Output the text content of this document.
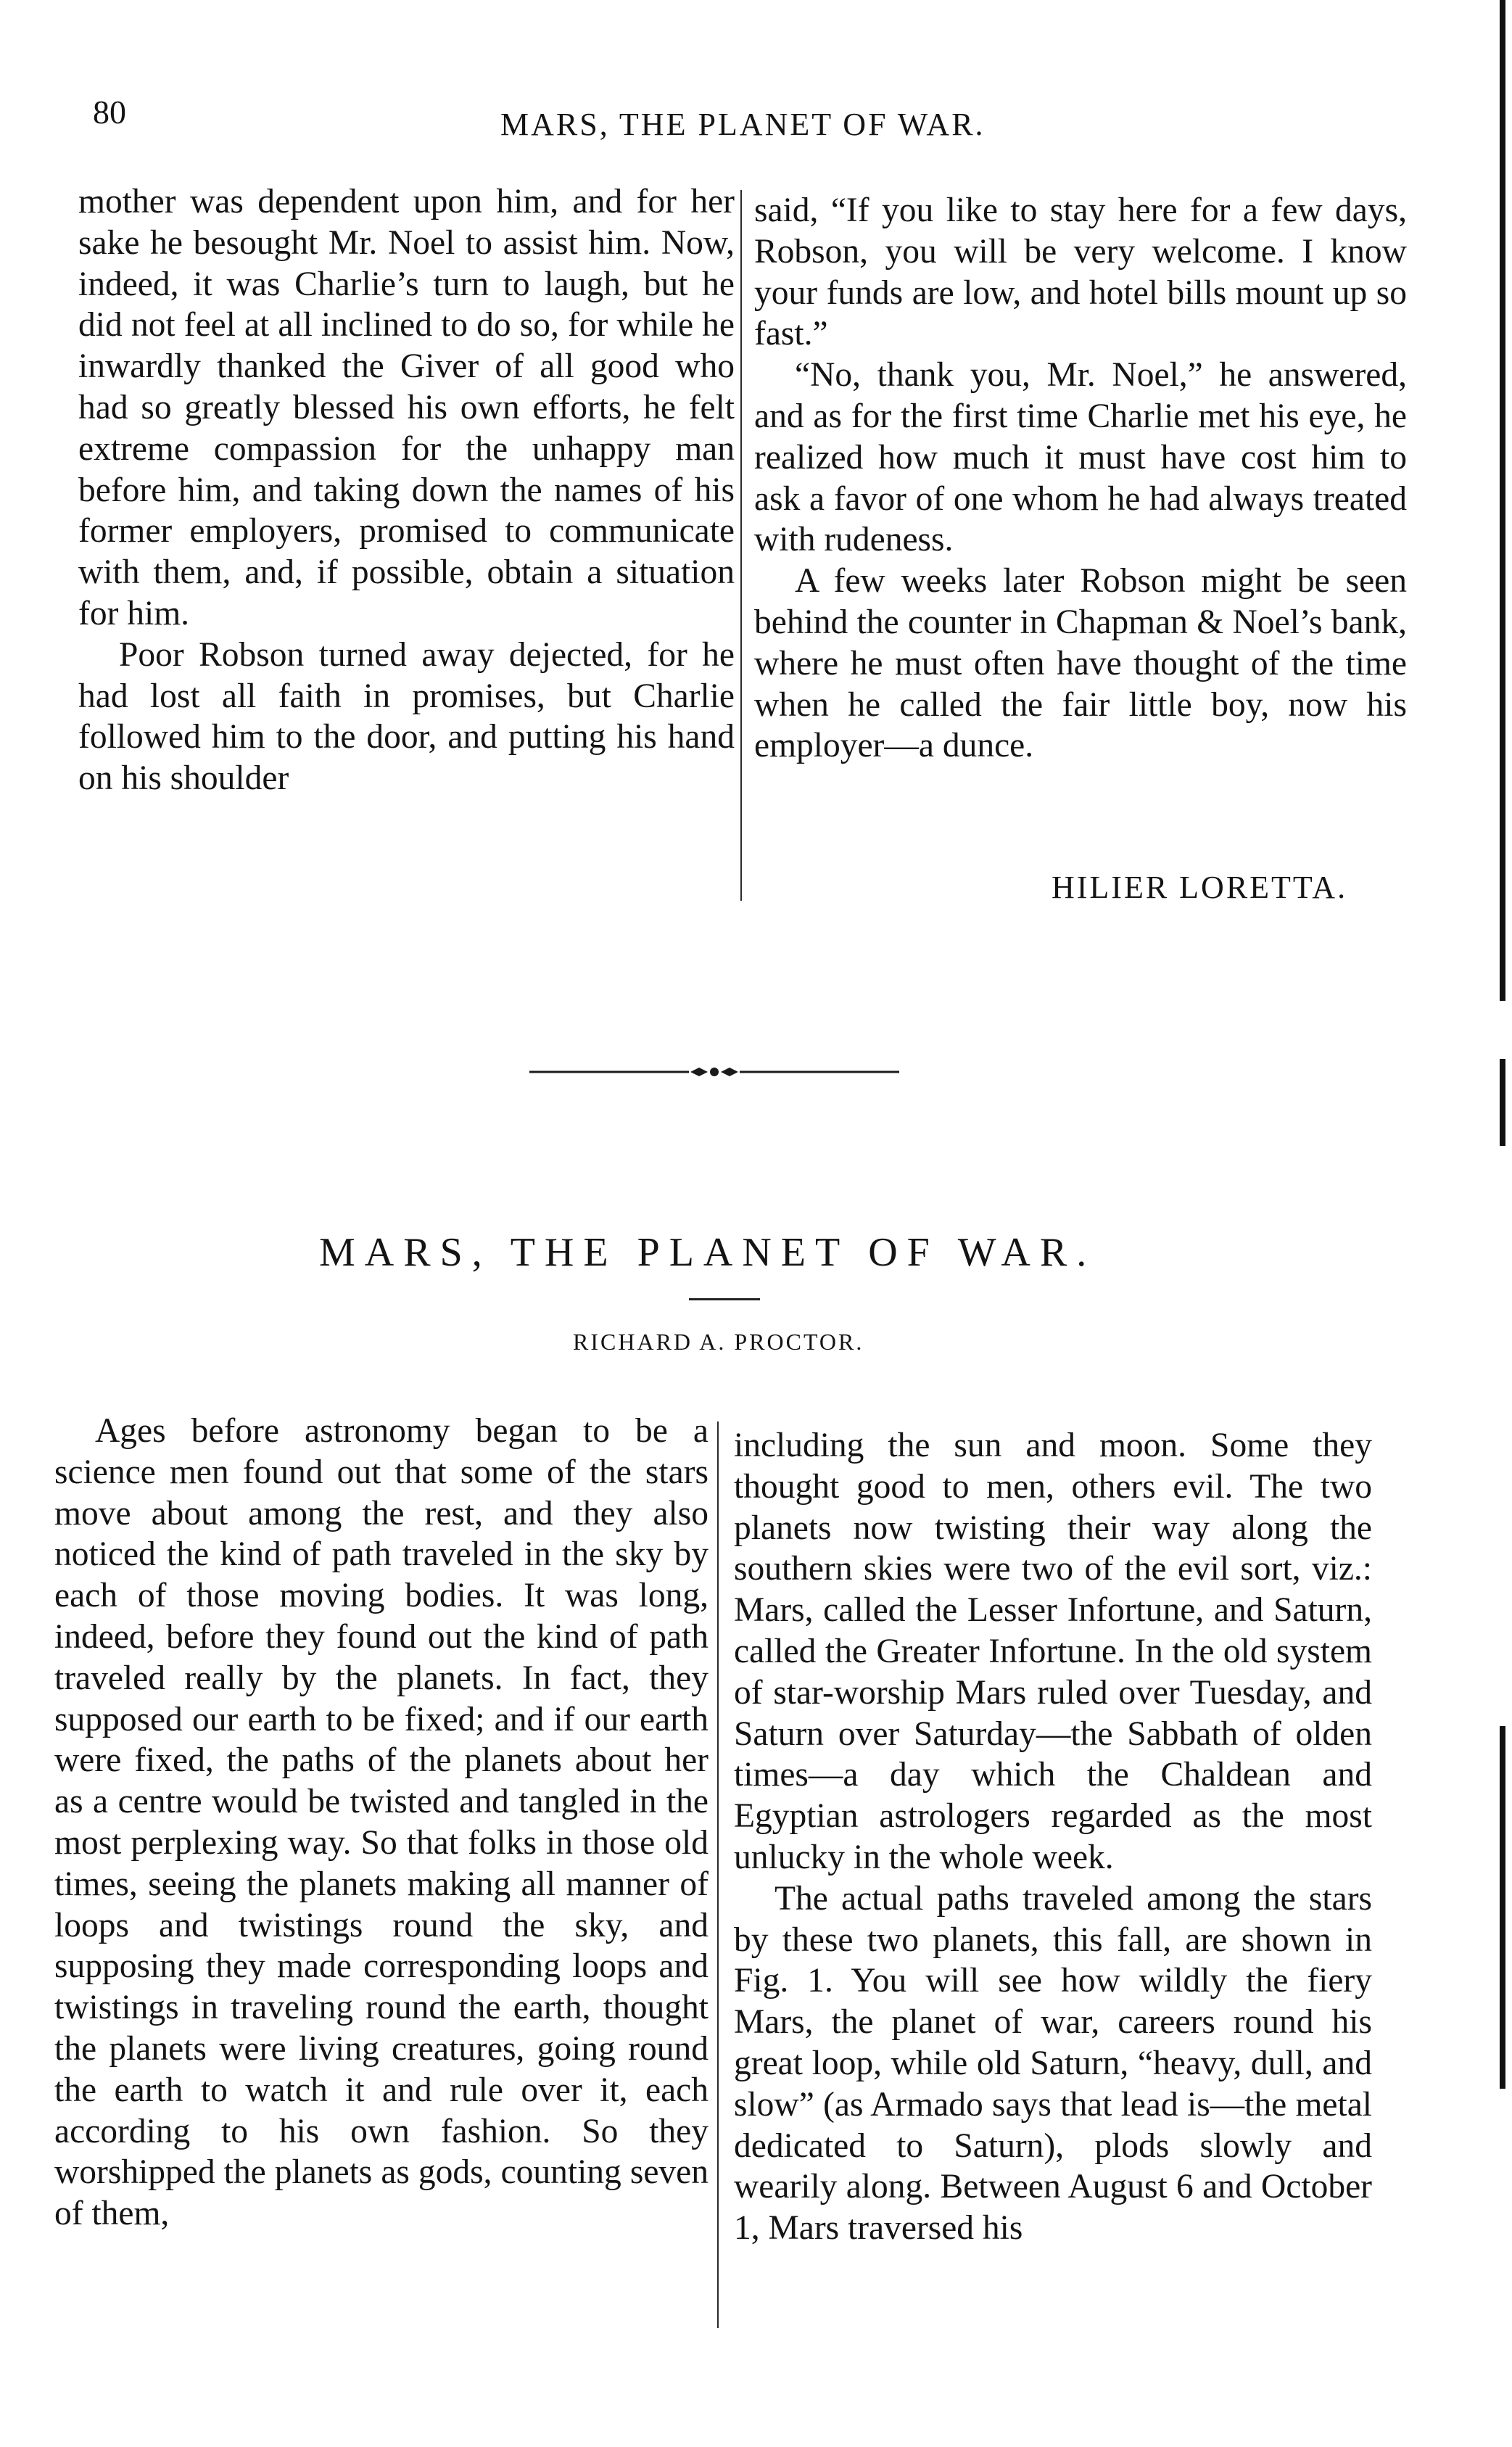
80	MARS, THE PLANET OF WAR.

mother was dependent upon him, and for her sake he besought Mr. Noel to assist him. Now, indeed, it was Charlie’s turn to laugh, but he did not feel at all inclined to do so, for while he inwardly thanked the Giver of all good who had so greatly blessed his own efforts, he felt extreme compassion for the unhappy man before him, and taking down the names of his former employers, promised to communicate with them, and, if possible, obtain a situation for him.

Poor Robson turned away dejected, for he had lost all faith in promises, but Charlie followed him to the door, and putting his hand on his shoulder

said, “If you like to stay here for a few days, Robson, you will be very welcome. I know your funds are low, and hotel bills mount up so fast.”

“No, thank you, Mr. Noel,” he answered, and as for the first time Charlie met his eye, he realized how much it must have cost him to ask a favor of one whom he had always treated with rudeness.

A few weeks later Robson might be seen behind the counter in Chapman & Noel’s bank, where he must often have thought of the time when he called the fair little boy, now his employer—a dunce.

HILIER LORETTA.
MARS, THE PLANET OF WAR.
RICHARD A. PROCTOR.

Ages before astronomy began to be a science men found out that some of the stars move about among the rest, and they also noticed the kind of path traveled in the sky by each of those moving bodies. It was long, indeed, before they found out the kind of path traveled really by the planets. In fact, they supposed our earth to be fixed; and if our earth were fixed, the paths of the planets about her as a centre would be twisted and tangled in the most perplexing way. So that folks in those old times, seeing the planets making all manner of loops and twistings round the sky, and supposing they made corresponding loops and twistings in traveling round the earth, thought the planets were living creatures, going round the earth to watch it and rule over it, each according to his own fashion. So they worshipped the planets as gods, counting seven of them,

including the sun and moon. Some they thought good to men, others evil. The two planets now twisting their way along the southern skies were two of the evil sort, viz.: Mars, called the Lesser Infortune, and Saturn, called the Greater Infortune. In the old system of star-worship Mars ruled over Tuesday, and Saturn over Saturday—the Sabbath of olden times—a day which the Chaldean and Egyptian astrologers regarded as the most unlucky in the whole week.

The actual paths traveled among the stars by these two planets, this fall, are shown in Fig. 1. You will see how wildly the fiery Mars, the planet of war, careers round his great loop, while old Saturn, “heavy, dull, and slow” (as Armado says that lead is—the metal dedicated to Saturn), plods slowly and wearily along. Between August 6 and October 1, Mars traversed his
